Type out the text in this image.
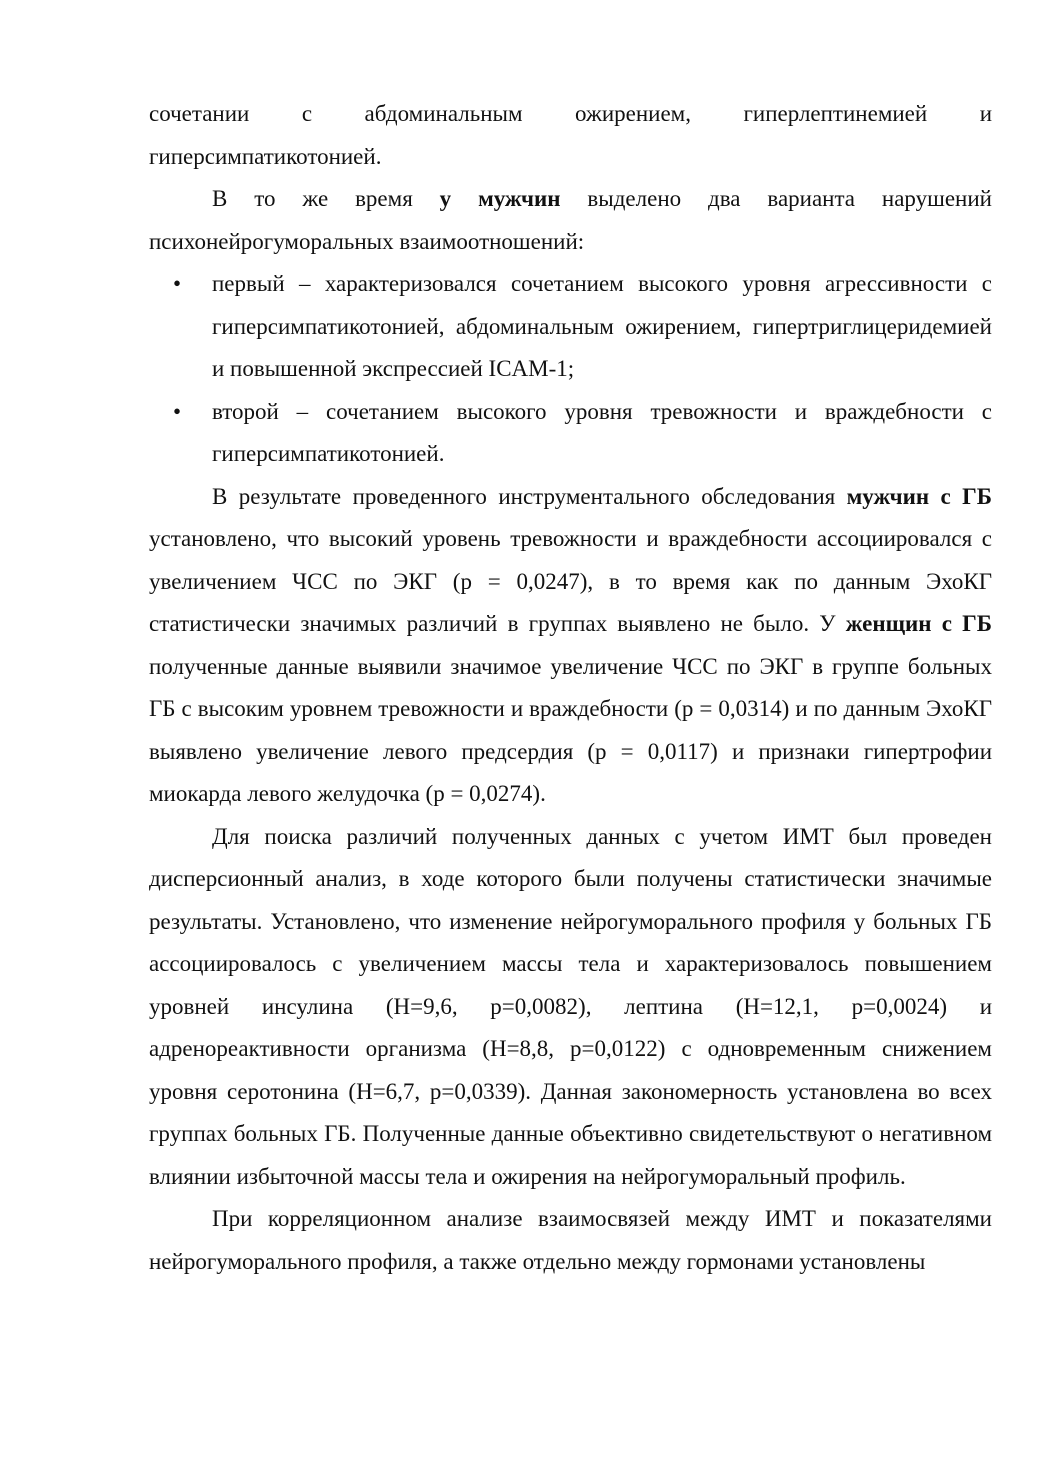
сочетании с абдоминальным ожирением, гиперлептинемией и гиперсимпатикотонией.

В то же время у мужчин выделено два варианта нарушений психонейрогуморальных взаимоотношений:

• первый – характеризовался сочетанием высокого уровня агрессивности с гиперсимпатикотонией, абдоминальным ожирением, гипертриглицеридемией и повышенной экспрессией ICAM-1;
• второй – сочетанием высокого уровня тревожности и враждебности с гиперсимпатикотонией.

В результате проведенного инструментального обследования мужчин с ГБ установлено, что высокий уровень тревожности и враждебности ассоциировался с увеличением ЧСС по ЭКГ (p = 0,0247), в то время как по данным ЭхоКГ статистически значимых различий в группах выявлено не было. У женщин с ГБ полученные данные выявили значимое увеличение ЧСС по ЭКГ в группе больных ГБ с высоким уровнем тревожности и враждебности (p = 0,0314) и по данным ЭхоКГ выявлено увеличение левого предсердия (p = 0,0117) и признаки гипертрофии миокарда левого желудочка (p = 0,0274).

Для поиска различий полученных данных с учетом ИМТ был проведен дисперсионный анализ, в ходе которого были получены статистически значимые результаты. Установлено, что изменение нейрогуморального профиля у больных ГБ ассоциировалось с увеличением массы тела и характеризовалось повышением уровней инсулина (H=9,6, p=0,0082), лептина (H=12,1, p=0,0024) и адренореактивности организма (H=8,8, p=0,0122) с одновременным снижением уровня серотонина (H=6,7, p=0,0339). Данная закономерность установлена во всех группах больных ГБ. Полученные данные объективно свидетельствуют о негативном влиянии избыточной массы тела и ожирения на нейрогуморальный профиль.

При корреляционном анализе взаимосвязей между ИМТ и показателями нейрогуморального профиля, а также отдельно между гормонами установлены
